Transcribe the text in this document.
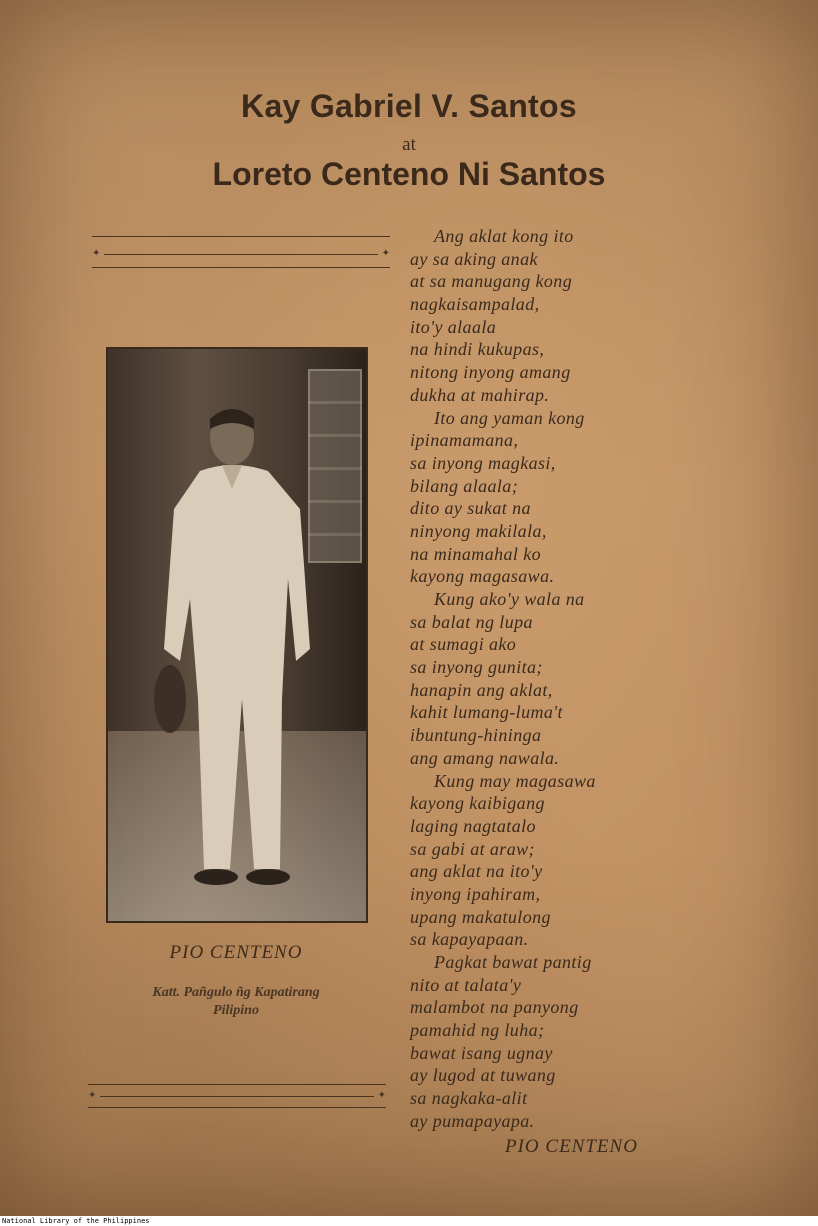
Kay Gabriel V. Santos
at
Loreto Centeno Ni Santos
✦	✦
PIO CENTENO
Katt. Pañgulo ñg Kapatirang
Pilipino
✦	✦
Ang aklat kong ito
ay sa aking anak
at sa manugang kong
nagkaisampalad,
ito'y alaala
na hindi kukupas,
nitong inyong amang
dukha at mahirap.
Ito ang yaman kong
ipinamamana,
sa inyong magkasi,
bilang alaala;
dito ay sukat na
ninyong makilala,
na minamahal ko
kayong magasawa.
Kung ako'y wala na
sa balat ng lupa
at sumagi ako
sa inyong gunita;
hanapin ang aklat,
kahit lumang-luma't
ibuntung-hininga
ang amang nawala.
Kung may magasawa
kayong kaibigang
laging nagtatalo
sa gabi at araw;
ang aklat na ito'y
inyong ipahiram,
upang makatulong
sa kapayapaan.
Pagkat bawat pantig
nito at talata'y
malambot na panyong
pamahid ng luha;
bawat isang ugnay
ay lugod at tuwang
sa nagkaka-alit
ay pumapayapa.
PIO CENTENO
National Library of the Philippines
